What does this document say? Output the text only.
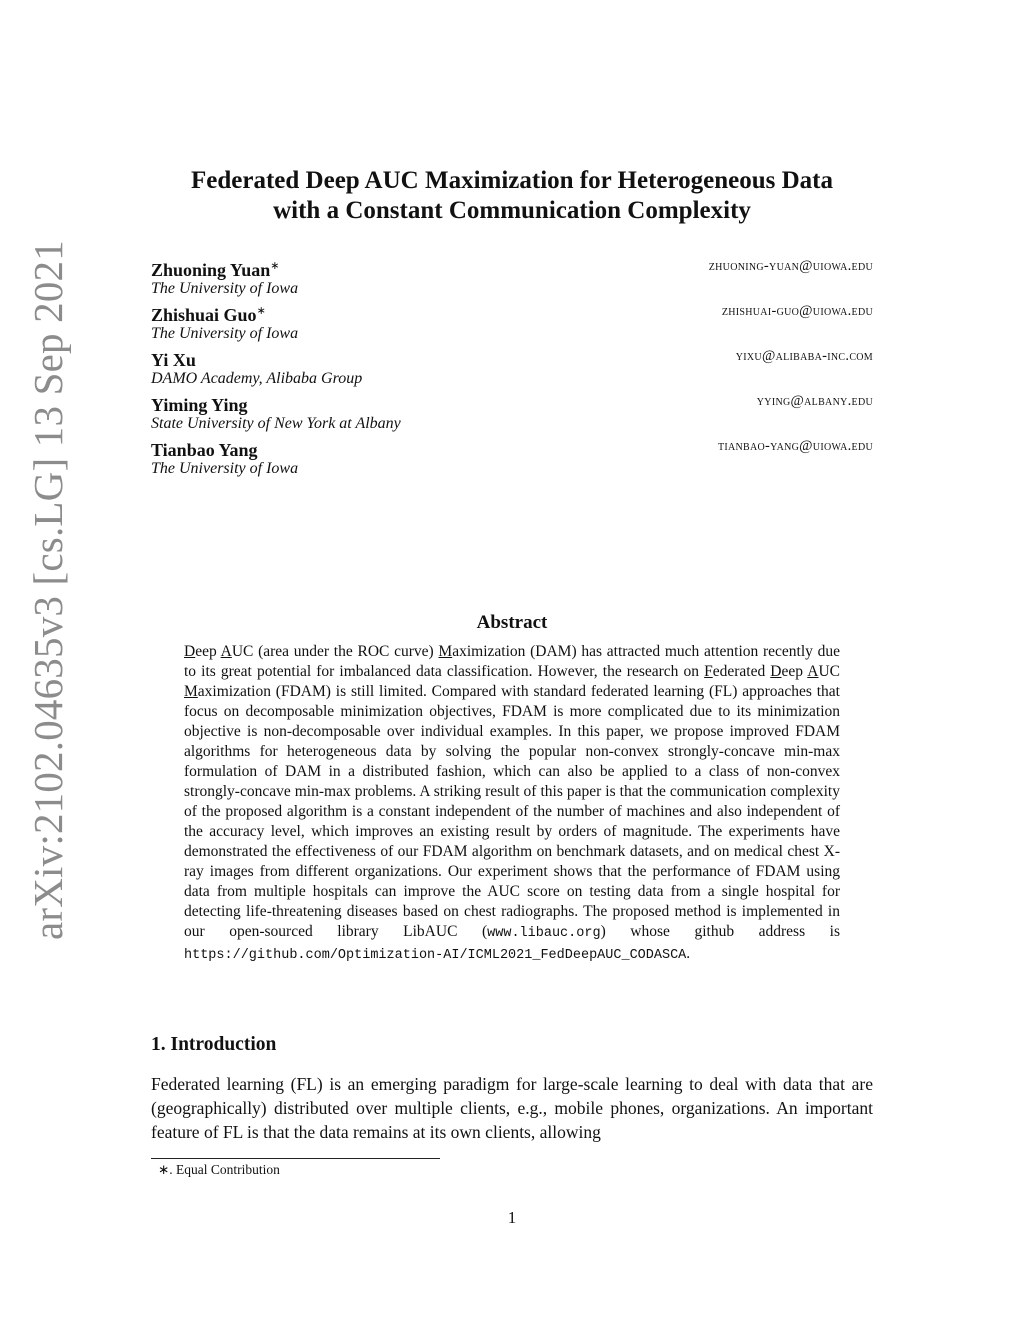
arXiv:2102.04635v3 [cs.LG] 13 Sep 2021
Federated Deep AUC Maximization for Heterogeneous Data
with a Constant Communication Complexity
Zhuoning Yuan∗	zhuoning-yuan@uiowa.edu
The University of Iowa
Zhishuai Guo∗	zhishuai-guo@uiowa.edu
The University of Iowa
Yi Xu	yixu@alibaba-inc.com
DAMO Academy, Alibaba Group
Yiming Ying	yying@albany.edu
State University of New York at Albany
Tianbao Yang	tianbao-yang@uiowa.edu
The University of Iowa
Abstract
Deep AUC (area under the ROC curve) Maximization (DAM) has attracted much attention recently due to its great potential for imbalanced data classification. However, the research on Federated Deep AUC Maximization (FDAM) is still limited. Compared with standard federated learning (FL) approaches that focus on decomposable minimization objectives, FDAM is more complicated due to its minimization objective is non-decomposable over individual examples. In this paper, we propose improved FDAM algorithms for heterogeneous data by solving the popular non-convex strongly-concave min-max formulation of DAM in a distributed fashion, which can also be applied to a class of non-convex strongly-concave min-max problems. A striking result of this paper is that the communication complexity of the proposed algorithm is a constant independent of the number of machines and also independent of the accuracy level, which improves an existing result by orders of magnitude. The experiments have demonstrated the effectiveness of our FDAM algorithm on benchmark datasets, and on medical chest X-ray images from different organizations. Our experiment shows that the performance of FDAM using data from multiple hospitals can improve the AUC score on testing data from a single hospital for detecting life-threatening diseases based on chest radiographs. The proposed method is implemented in our open-sourced library LibAUC (www.libauc.org) whose github address is https://github.com/Optimization-AI/ICML2021_FedDeepAUC_CODASCA.
1. Introduction
Federated learning (FL) is an emerging paradigm for large-scale learning to deal with data that are (geographically) distributed over multiple clients, e.g., mobile phones, organizations. An important feature of FL is that the data remains at its own clients, allowing
∗. Equal Contribution
1
